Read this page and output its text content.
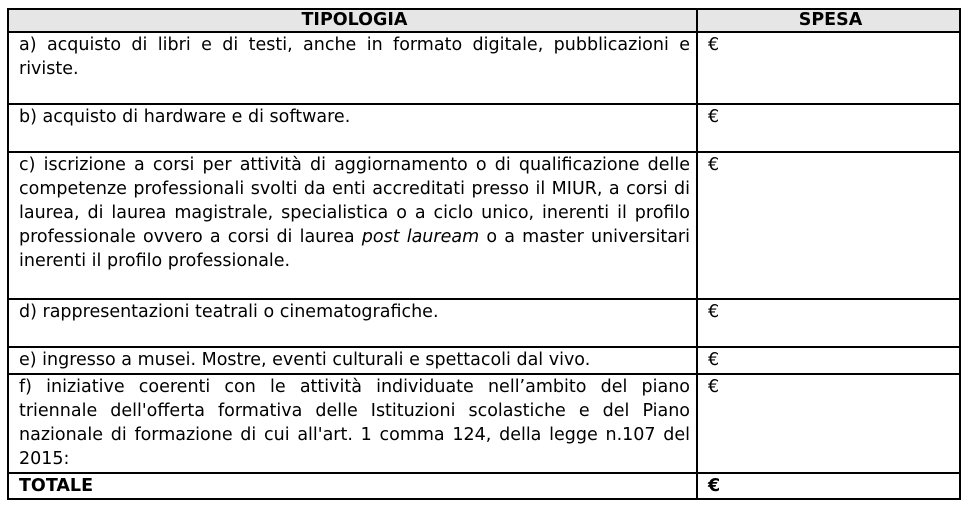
TIPOLOGIA	SPESA
a) acquisto di libri e di testi, anche in formato digitale, pubblicazioni e riviste.	€
b) acquisto di hardware e di software.	€
c) iscrizione a corsi per attività di aggiornamento o di qualificazione delle competenze professionali svolti da enti accreditati presso il MIUR, a corsi di laurea, di laurea magistrale, specialistica o a ciclo unico, inerenti il profilo professionale ovvero a corsi di laurea post lauream o a master universitari inerenti il profilo professionale.	€
d) rappresentazioni teatrali o cinematografiche.	€
e) ingresso a musei. Mostre, eventi culturali e spettacoli dal vivo.	€
f) iniziative coerenti con le attività individuate nell’ambito del piano triennale dell'offerta formativa delle Istituzioni scolastiche e del Piano nazionale di formazione di cui all'art. 1 comma 124, della legge n.107 del 2015:	€
TOTALE	€
